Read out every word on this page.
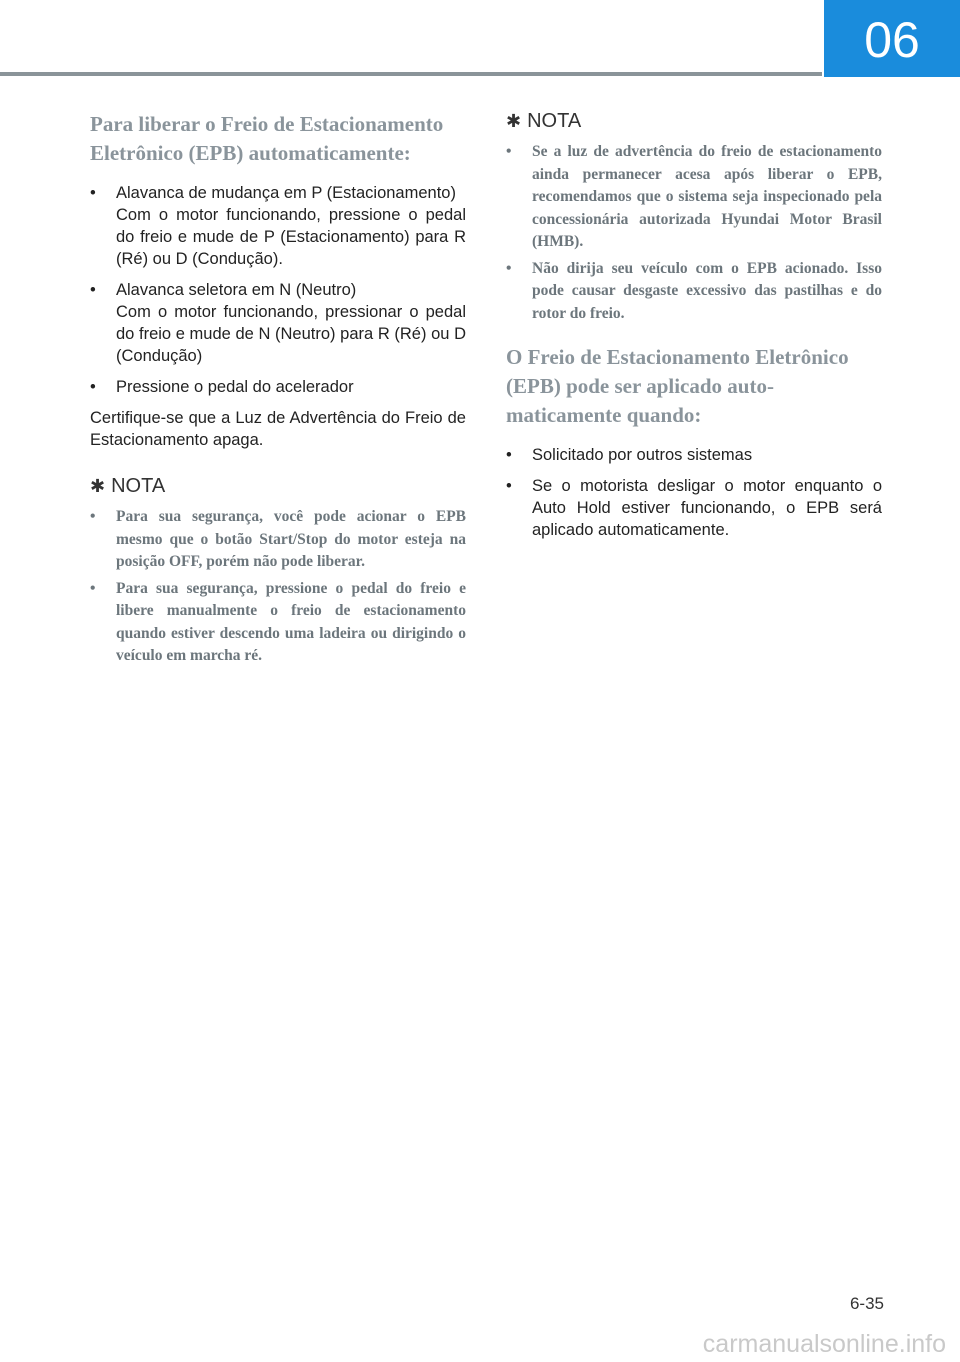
06
Para liberar o Freio de Estacionamento Eletrônico (EPB) automaticamente:
• Alavanca de mudança em P (Estacionamento)
Com o motor funcionando, pressione o pedal do freio e mude de P (Estacionamento) para R (Ré) ou D (Condução).
• Alavanca seletora em N (Neutro)
Com o motor funcionando, pressionar o pedal do freio e mude de N (Neutro) para R (Ré) ou D (Condução)
• Pressione o pedal do acelerador

Certifique-se que a Luz de Advertência do Freio de Estacionamento apaga.

✱ NOTA
• Para sua segurança, você pode acionar o EPB mesmo que o botão Start/Stop do motor esteja na posição OFF, porém não pode liberar.
• Para sua segurança, pressione o pedal do freio e libere manualmente o freio de estacionamento quando estiver descendo uma ladeira ou dirigindo o veículo em marcha ré.
✱ NOTA
• Se a luz de advertência do freio de estacionamento ainda permanecer acesa após liberar o EPB, recomendamos que o sistema seja inspecionado pela concessionária autorizada Hyundai Motor Brasil (HMB).
• Não dirija seu veículo com o EPB acionado. Isso pode causar desgaste excessivo das pastilhas e do rotor do freio.
O Freio de Estacionamento Eletrônico (EPB) pode ser aplicado automaticamente quando:
• Solicitado por outros sistemas
• Se o motorista desligar o motor enquanto o Auto Hold estiver funcionando, o EPB será aplicado automaticamente.
6-35
carmanualsonline.info
